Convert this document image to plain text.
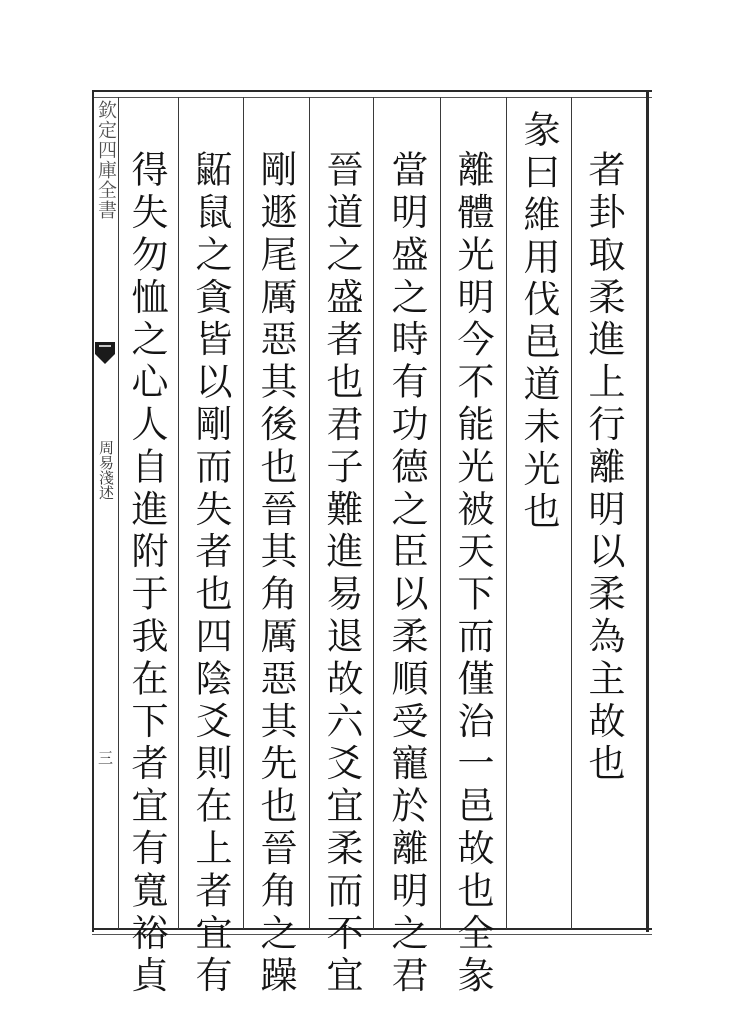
欽定四庫全書
周易淺述
三	者卦取柔進上行離明以柔為主故也
彖曰維用伐邑道未光也
離體光明今不能光被天下而僅治一邑故也全彖
當明盛之時有功德之臣以柔順受寵於離明之君
晉道之盛者也君子難進易退故六爻宜柔而不宜
剛遯尾厲惡其後也晉其角厲惡其先也晉角之躁
鼫鼠之貪皆以剛而失者也四陰爻則在上者宜有
得失勿恤之心人自進附于我在下者宜有寬裕貞
